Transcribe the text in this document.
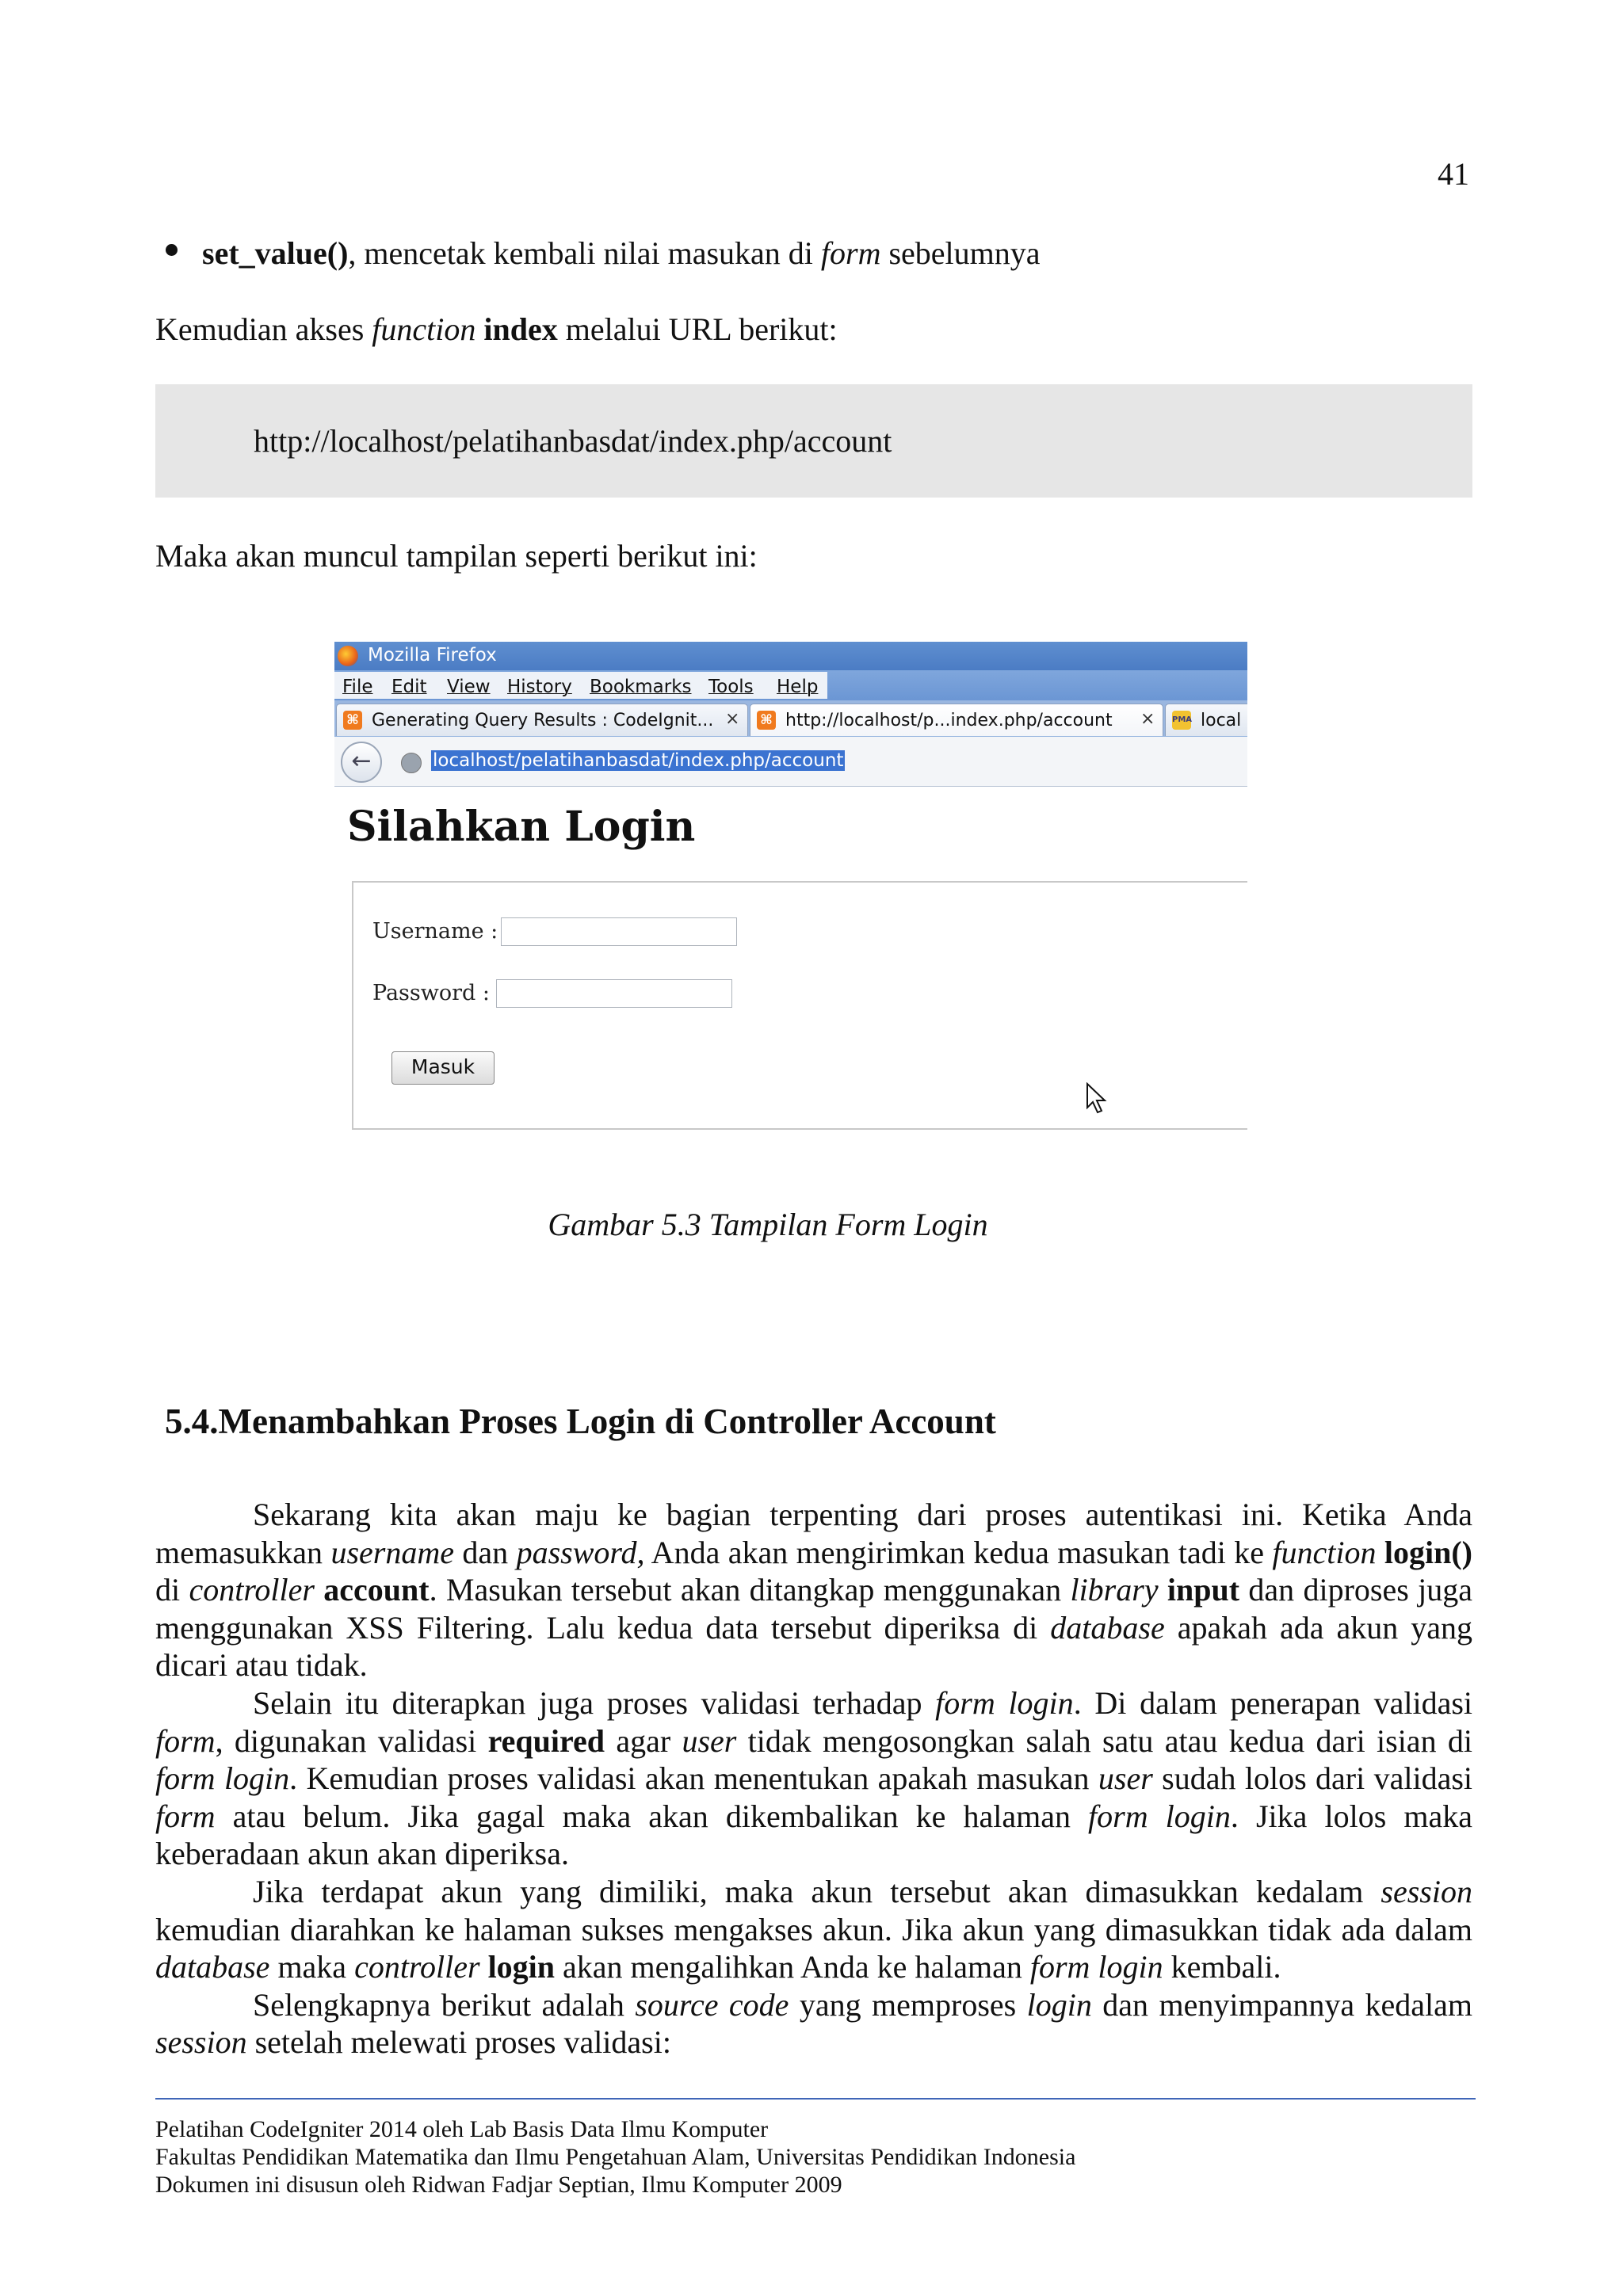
41
set_value(), mencetak kembali nilai masukan di form sebelumnya
Kemudian akses function index melalui URL berikut:
http://localhost/pelatihanbasdat/index.php/account
Maka akan muncul tampilan seperti berikut ini:
Mozilla Firefox
File Edit View History Bookmarks Tools Help
⌘ Generating Query Results : CodeIgnit... × ⌘ http://localhost/p...index.php/account × PMA local
←	localhost/pelatihanbasdat/index.php/account
Silahkan Login
Username :
Password :
Masuk
Gambar 5.3 Tampilan Form Login
5.4.Menambahkan Proses Login di Controller Account

Sekarang kita akan maju ke bagian terpenting dari proses autentikasi ini. Ketika Anda memasukkan username dan password, Anda akan mengirimkan kedua masukan tadi ke function login() di controller account. Masukan tersebut akan ditangkap menggunakan library input dan diproses juga menggunakan XSS Filtering. Lalu kedua data tersebut diperiksa di database apakah ada akun yang dicari atau tidak.

Selain itu diterapkan juga proses validasi terhadap form login. Di dalam penerapan validasi form, digunakan validasi required agar user tidak mengosongkan salah satu atau kedua dari isian di form login. Kemudian proses validasi akan menentukan apakah masukan user sudah lolos dari validasi form atau belum. Jika gagal maka akan dikembalikan ke halaman form login. Jika lolos maka keberadaan akun akan diperiksa.

Jika terdapat akun yang dimiliki, maka akun tersebut akan dimasukkan kedalam session kemudian diarahkan ke halaman sukses mengakses akun. Jika akun yang dimasukkan tidak ada dalam database maka controller login akan mengalihkan Anda ke halaman form login kembali.

Selengkapnya berikut adalah source code yang memproses login dan menyimpannya kedalam session setelah melewati proses validasi:

Pelatihan CodeIgniter 2014 oleh Lab Basis Data Ilmu Komputer
Fakultas Pendidikan Matematika dan Ilmu Pengetahuan Alam, Universitas Pendidikan Indonesia
Dokumen ini disusun oleh Ridwan Fadjar Septian, Ilmu Komputer 2009
